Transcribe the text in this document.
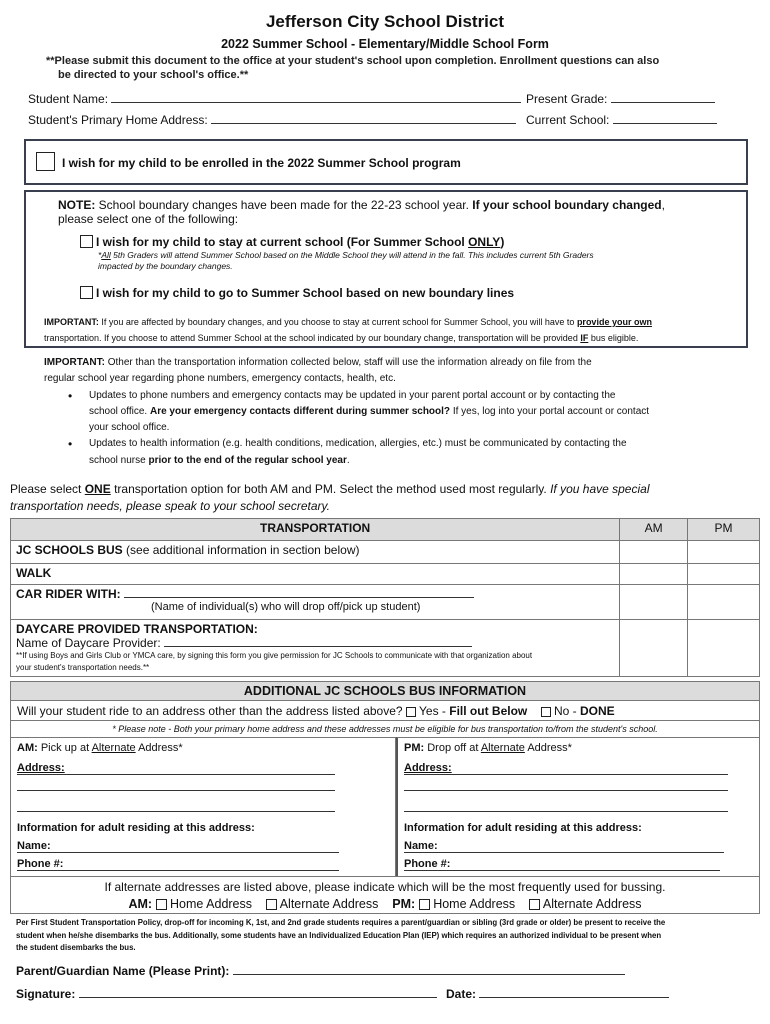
Jefferson City School District
2022 Summer School - Elementary/Middle School Form
**Please submit this document to the office at your student's school upon completion. Enrollment questions can also
be directed to your school's office.**
Student Name:	Present Grade:
Student's Primary Home Address:	Current School:
I wish for my child to be enrolled in the 2022 Summer School program
NOTE: School boundary changes have been made for the 22-23 school year. If your school boundary changed,
please select one of the following:
I wish for my child to stay at current school (For Summer School ONLY)
*All 5th Graders will attend Summer School based on the Middle School they will attend in the fall. This includes current 5th Graders
impacted by the boundary changes.
I wish for my child to go to Summer School based on new boundary lines
IMPORTANT: If you are affected by boundary changes, and you choose to stay at current school for Summer School, you will have to provide your own
transportation. If you choose to attend Summer School at the school indicated by our boundary change, transportation will be provided IF bus eligible.
IMPORTANT: Other than the transportation information collected below, staff will use the information already on file from the
regular school year regarding phone numbers, emergency contacts, health, etc.
• Updates to phone numbers and emergency contacts may be updated in your parent portal account or by contacting the
school office. Are your emergency contacts different during summer school? If yes, log into your portal account or contact
your school office.
• Updates to health information (e.g. health conditions, medication, allergies, etc.) must be communicated by contacting the
school nurse prior to the end of the regular school year.
Please select ONE transportation option for both AM and PM. Select the method used most regularly. If you have special
transportation needs, please speak to your school secretary.
TRANSPORTATION	AM	PM
JC SCHOOLS BUS (see additional information in section below)		
WALK		
CAR RIDER WITH:
(Name of individual(s) who will drop off/pick up student)		

DAYCARE PROVIDED TRANSPORTATION:
Name of Daycare Provider:
**If using Boys and Girls Club or YMCA care, by signing this form you give permission for JC Schools to communicate with that organization about
your student's transportation needs.**		

ADDITIONAL JC SCHOOLS BUS INFORMATION
Will your student ride to an address other than the address listed above?  Yes - Fill out Below No - DONE
* Please note - Both your primary home address and these addresses must be eligible for bus transportation to/from the student's school.
AM: Pick up at Alternate Address*
Address:
Information for adult residing at this address:
Name:
Phone #:
PM: Drop off at Alternate Address*
Address:
Information for adult residing at this address:
Name:
Phone #:
If alternate addresses are listed above, please indicate which will be the most frequently used for bussing.
AM: Home Address Alternate Address PM: Home Address Alternate Address
Per First Student Transportation Policy, drop-off for incoming K, 1st, and 2nd grade students requires a parent/guardian or sibling (3rd grade or older) be present to receive the
student when he/she disembarks the bus. Additionally, some students have an Individualized Education Plan (IEP) which requires an authorized individual to be present when
the student disembarks the bus.
Parent/Guardian Name (Please Print):
Signature:	Date:
